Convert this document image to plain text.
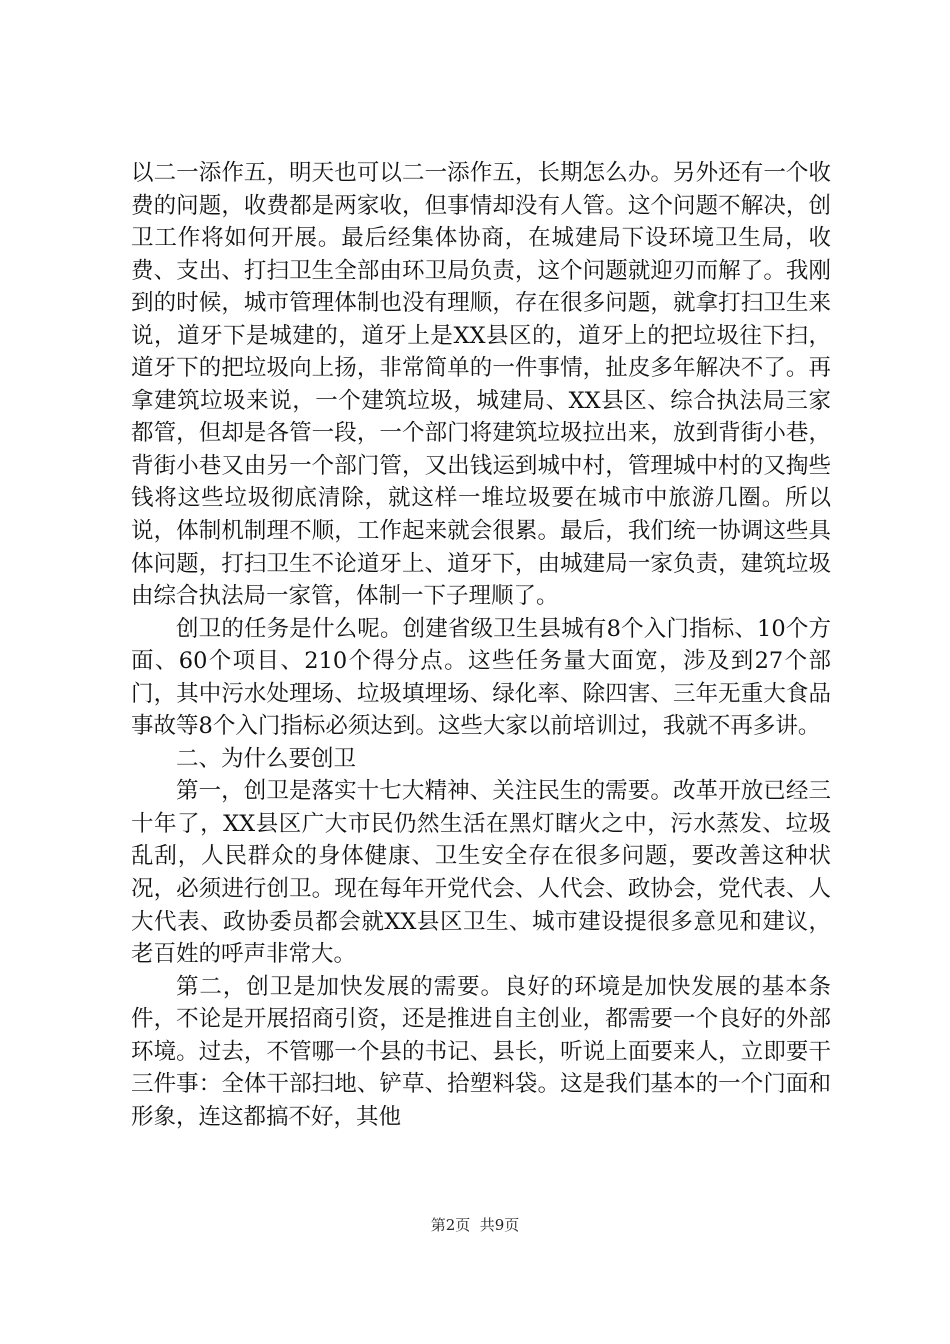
以二一添作五，明天也可以二一添作五，长期怎么办。另外还有一个收费的问题，收费都是两家收，但事情却没有人管。这个问题不解决，创卫工作将如何开展。最后经集体协商，在城建局下设环境卫生局，收费、支出、打扫卫生全部由环卫局负责，这个问题就迎刃而解了。我刚到的时候，城市管理体制也没有理顺，存在很多问题，就拿打扫卫生来说，道牙下是城建的，道牙上是XX县区的，道牙上的把垃圾往下扫，道牙下的把垃圾向上扬，非常简单的一件事情，扯皮多年解决不了。再拿建筑垃圾来说，一个建筑垃圾，城建局、XX县区、综合执法局三家都管，但却是各管一段，一个部门将建筑垃圾拉出来，放到背街小巷，背街小巷又由另一个部门管，又出钱运到城中村，管理城中村的又掏些钱将这些垃圾彻底清除，就这样一堆垃圾要在城市中旅游几圈。所以说，体制机制理不顺，工作起来就会很累。最后，我们统一协调这些具体问题，打扫卫生不论道牙上、道牙下，由城建局一家负责，建筑垃圾由综合执法局一家管，体制一下子理顺了。

创卫的任务是什么呢。创建省级卫生县城有8个入门指标、10个方面、60个项目、210个得分点。这些任务量大面宽，涉及到27个部门，其中污水处理场、垃圾填埋场、绿化率、除四害、三年无重大食品事故等8个入门指标必须达到。这些大家以前培训过，我就不再多讲。

二、为什么要创卫

第一，创卫是落实十七大精神、关注民生的需要。改革开放已经三十年了，XX县区广大市民仍然生活在黑灯瞎火之中，污水蒸发、垃圾乱刮，人民群众的身体健康、卫生安全存在很多问题，要改善这种状况，必须进行创卫。现在每年开党代会、人代会、政协会，党代表、人大代表、政协委员都会就XX县区卫生、城市建设提很多意见和建议，老百姓的呼声非常大。

第二，创卫是加快发展的需要。良好的环境是加快发展的基本条件，不论是开展招商引资，还是推进自主创业，都需要一个良好的外部环境。过去，不管哪一个县的书记、县长，听说上面要来人，立即要干三件事：全体干部扫地、铲草、拾塑料袋。这是我们基本的一个门面和形象，连这都搞不好，其他

第2页  共9页
